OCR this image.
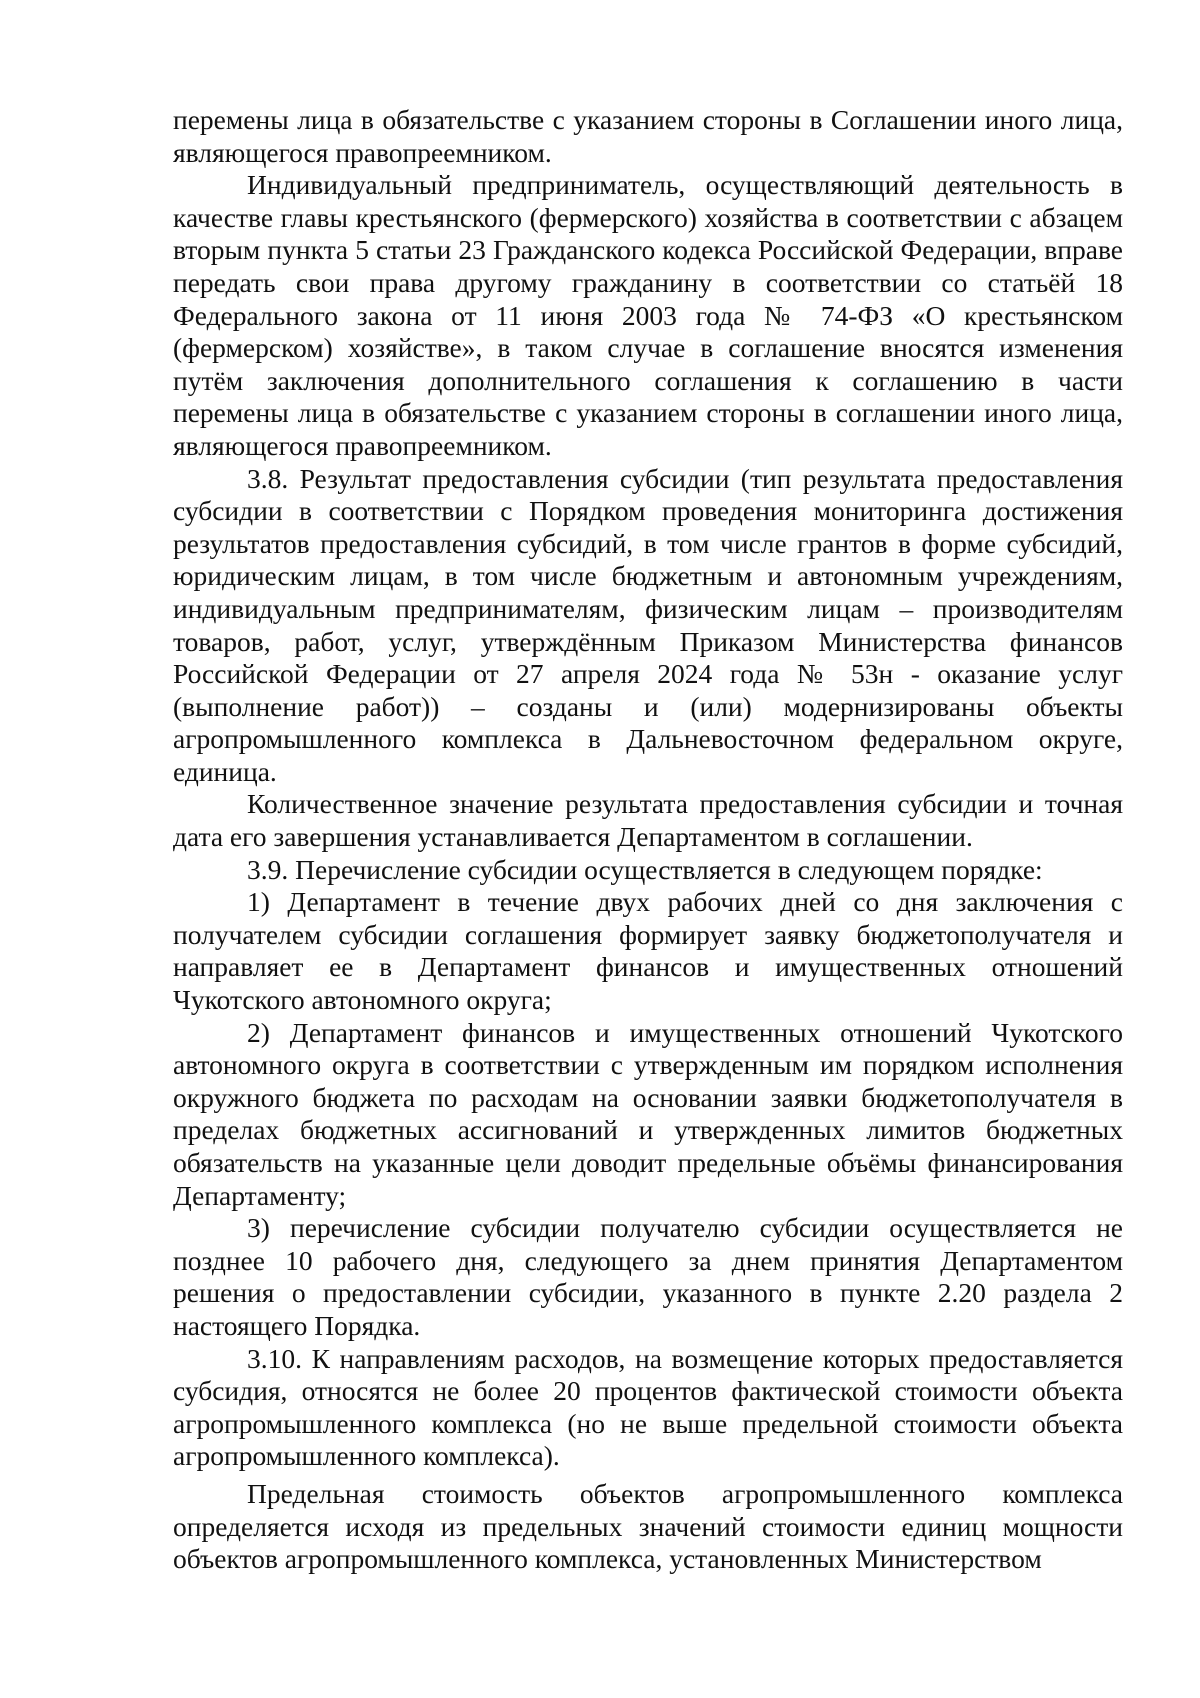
перемены лица в обязательстве с указанием стороны в Соглашении иного лица, являющегося правопреемником.

Индивидуальный предприниматель, осуществляющий деятельность в качестве главы крестьянского (фермерского) хозяйства в соответствии с абзацем вторым пункта 5 статьи 23 Гражданского кодекса Российской Федерации, вправе передать свои права другому гражданину в соответствии со статьёй 18 Федерального закона от 11 июня 2003 года № 74-ФЗ «О крестьянском (фермерском) хозяйстве», в таком случае в соглашение вносятся изменения путём заключения дополнительного соглашения к соглашению в части перемены лица в обязательстве с указанием стороны в соглашении иного лица, являющегося правопреемником.

3.8. Результат предоставления субсидии (тип результата предоставления субсидии в соответствии с Порядком проведения мониторинга достижения результатов предоставления субсидий, в том числе грантов в форме субсидий, юридическим лицам, в том числе бюджетным и автономным учреждениям, индивидуальным предпринимателям, физическим лицам – производителям товаров, работ, услуг, утверждённым Приказом Министерства финансов Российской Федерации от 27 апреля 2024 года № 53н - оказание услуг (выполнение работ)) – созданы и (или) модернизированы объекты агропромышленного комплекса в Дальневосточном федеральном округе, единица.

Количественное значение результата предоставления субсидии и точная дата его завершения устанавливается Департаментом в соглашении.

3.9. Перечисление субсидии осуществляется в следующем порядке:

1) Департамент в течение двух рабочих дней со дня заключения с получателем субсидии соглашения формирует заявку бюджетополучателя и направляет ее в Департамент финансов и имущественных отношений Чукотского автономного округа;

2) Департамент финансов и имущественных отношений Чукотского автономного округа в соответствии с утвержденным им порядком исполнения окружного бюджета по расходам на основании заявки бюджетополучателя в пределах бюджетных ассигнований и утвержденных лимитов бюджетных обязательств на указанные цели доводит предельные объёмы финансирования Департаменту;

3) перечисление субсидии получателю субсидии осуществляется не позднее 10 рабочего дня, следующего за днем принятия Департаментом решения о предоставлении субсидии, указанного в пункте 2.20 раздела 2 настоящего Порядка.

3.10. К направлениям расходов, на возмещение которых предоставляется субсидия, относятся не более 20 процентов фактической стоимости объекта агропромышленного комплекса (но не выше предельной стоимости объекта агропромышленного комплекса).

Предельная стоимость объектов агропромышленного комплекса определяется исходя из предельных значений стоимости единиц мощности объектов агропромышленного комплекса, установленных Министерством
